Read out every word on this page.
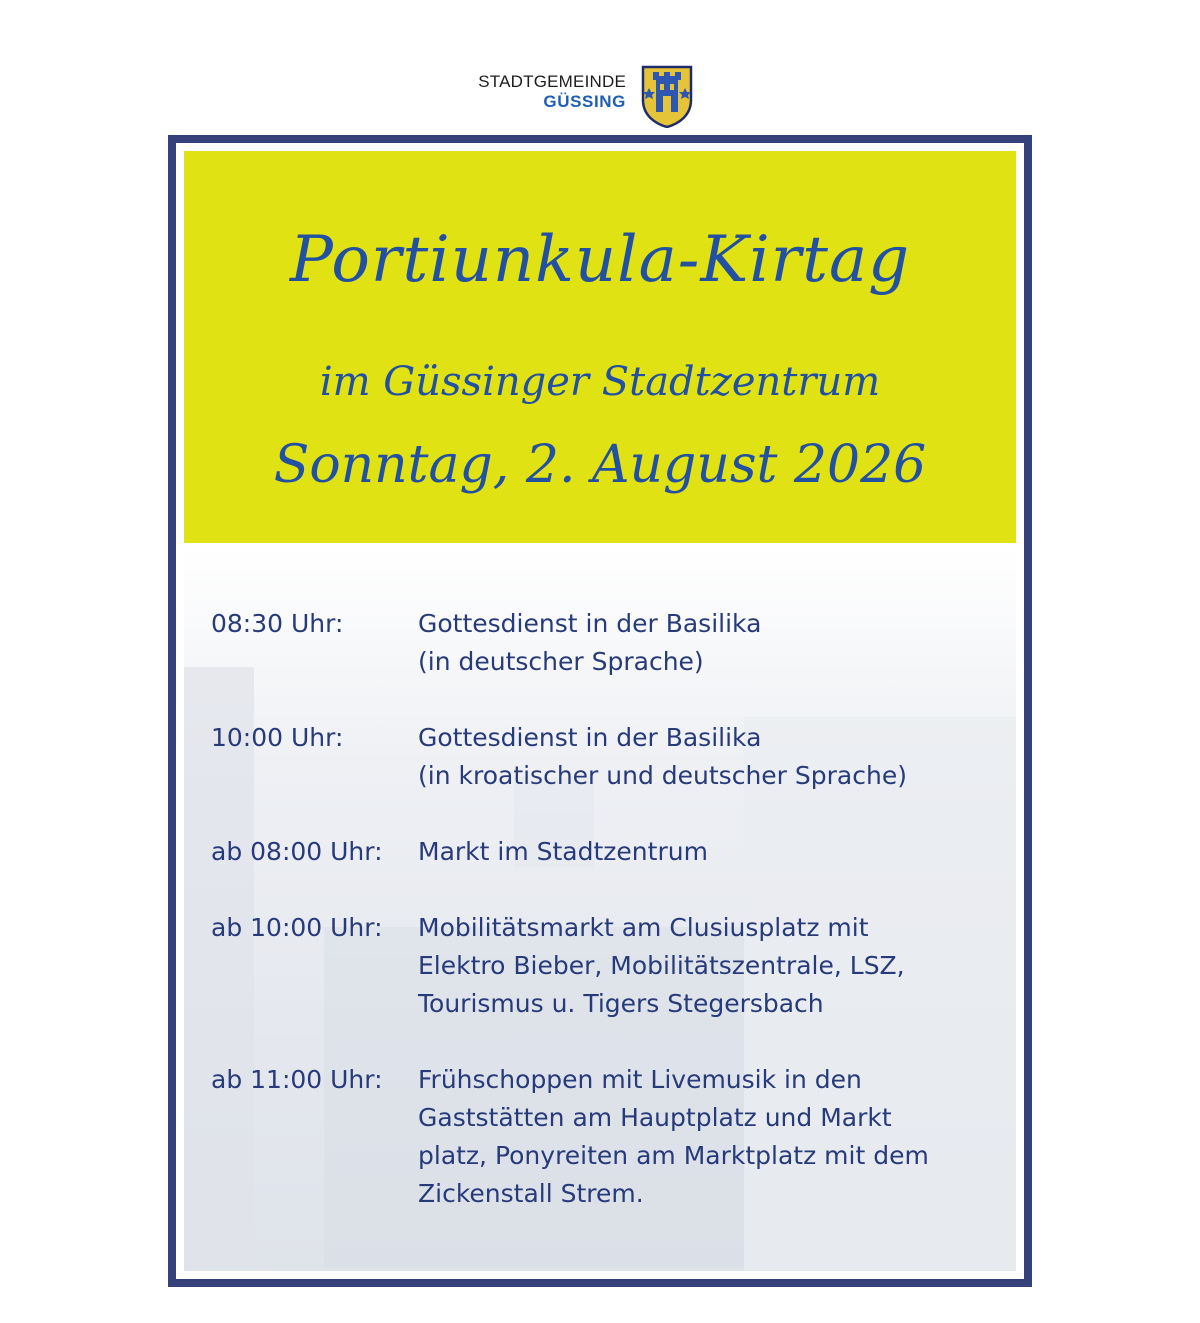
STADTGEMEINDE
GÜSSING
Portiunkula-Kirtag
im Güssinger Stadtzentrum
Sonntag, 2. August 2026
08:30 Uhr:	Gottesdienst in der Basilika
(in deutscher Sprache)
10:00 Uhr:	Gottesdienst in der Basilika
(in kroatischer und deutscher Sprache)
ab 08:00 Uhr:	Markt im Stadtzentrum
ab 10:00 Uhr:	Mobilitätsmarkt am Clusiusplatz mit
Elektro Bieber, Mobilitätszentrale, LSZ,
Tourismus u. Tigers Stegersbach
ab 11:00 Uhr:	Frühschoppen mit Livemusik in den
Gaststätten am Hauptplatz und Markt
platz, Ponyreiten am Marktplatz mit dem
Zickenstall Strem.
